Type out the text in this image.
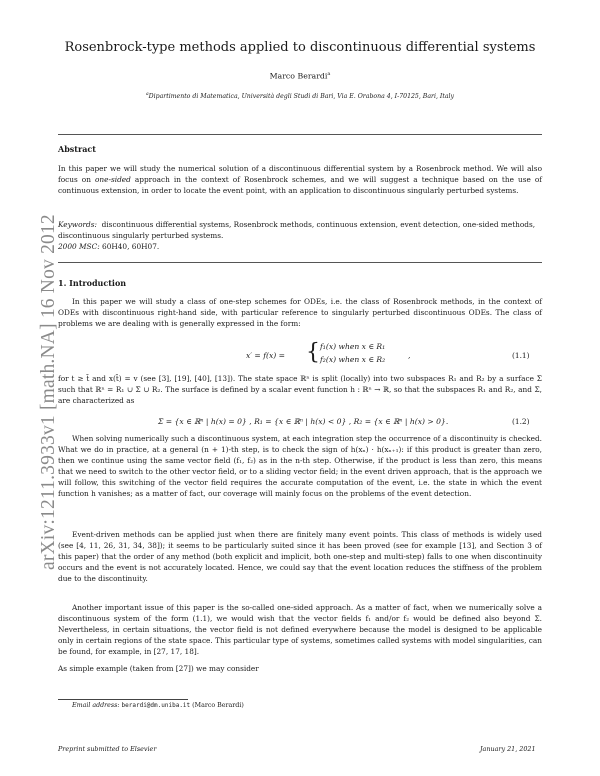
arXiv:1211.3933v1 [math.NA] 16 Nov 2012
Rosenbrock-type methods applied to discontinuous differential systems
Marco Berardi$^a$
$^a$Dipartimento di Matematica, Università degli Studi di Bari, Via E. Orabona 4, I-70125, Bari, Italy
Abstract

In this paper we will study the numerical solution of a discontinuous differential system by a Rosenbrock method. We will also focus on one-sided approach in the context of Rosenbrock schemes, and we will suggest a technique based on the use of continuous extension, in order to locate the event point, with an application to discontinuous singularly perturbed systems.

Keywords: discontinuous differential systems, Rosenbrock methods, continuous extension, event detection, one-sided methods, discontinuous singularly perturbed systems.
2000 MSC: 60H40, 60H07.
1. Introduction

In this paper we will study a class of one-step schemes for ODEs, i.e. the class of Rosenbrock methods, in the context of ODEs with discontinuous right-hand side, with particular reference to singularly perturbed discontinuous ODEs. The class of problems we are dealing with is generally expressed in the form:

x′ = f(x) = { f₁(x) when x ∈ R₁
f₂(x) when x ∈ R₂	,	(1.1)

for t ≥ t̄ and x(t̄) = v (see [3], [19], [40], [13]). The state space ℝⁿ is split (locally) into two subspaces R₁ and R₂ by a surface Σ such that ℝⁿ = R₁ ∪ Σ ∪ R₂. The surface is defined by a scalar event function h : ℝⁿ → ℝ, so that the subspaces R₁ and R₂, and Σ, are characterized as

Σ = {x ∈ ℝⁿ | h(x) = 0} , R₁ = {x ∈ ℝⁿ | h(x) < 0} , R₂ = {x ∈ ℝⁿ | h(x) > 0}.	(1.2)

When solving numerically such a discontinuous system, at each integration step the occurrence of a discontinuity is checked. What we do in practice, at a general (n + 1)-th step, is to check the sign of h(xₙ) · h(xₙ₊₁): if this product is greater than zero, then we continue using the same vector field (f₁, f₂) as in the n-th step. Otherwise, if the product is less than zero, this means that we need to switch to the other vector field, or to a sliding vector field; in the event driven approach, that is the approach we will follow, this switching of the vector field requires the accurate computation of the event, i.e. the state in which the event function h vanishes; as a matter of fact, our coverage will mainly focus on the problems of the event detection.

Event-driven methods can be applied just when there are finitely many event points. This class of methods is widely used (see [4, 11, 26, 31, 34, 38]); it seems to be particularly suited since it has been proved (see for example [13], and Section 3 of this paper) that the order of any method (both explicit and implicit, both one-step and multi-step) falls to one when discontinuity occurs and the event is not accurately located. Hence, we could say that the event location reduces the stiffness of the problem due to the discontinuity.

Another important issue of this paper is the so-called one-sided approach. As a matter of fact, when we numerically solve a discontinuous system of the form (1.1), we would wish that the vector fields f₁ and/or f₂ would be defined also beyond Σ. Nevertheless, in certain situations, the vector field is not defined everywhere because the model is designed to be applicable only in certain regions of the state space. This particular type of systems, sometimes called systems with model singularities, can be found, for example, in [27, 17, 18].

As simple example (taken from [27]) we may consider

Email address: berardi@dm.uniba.it (Marco Berardi)
Preprint submitted to Elsevier	January 21, 2021
